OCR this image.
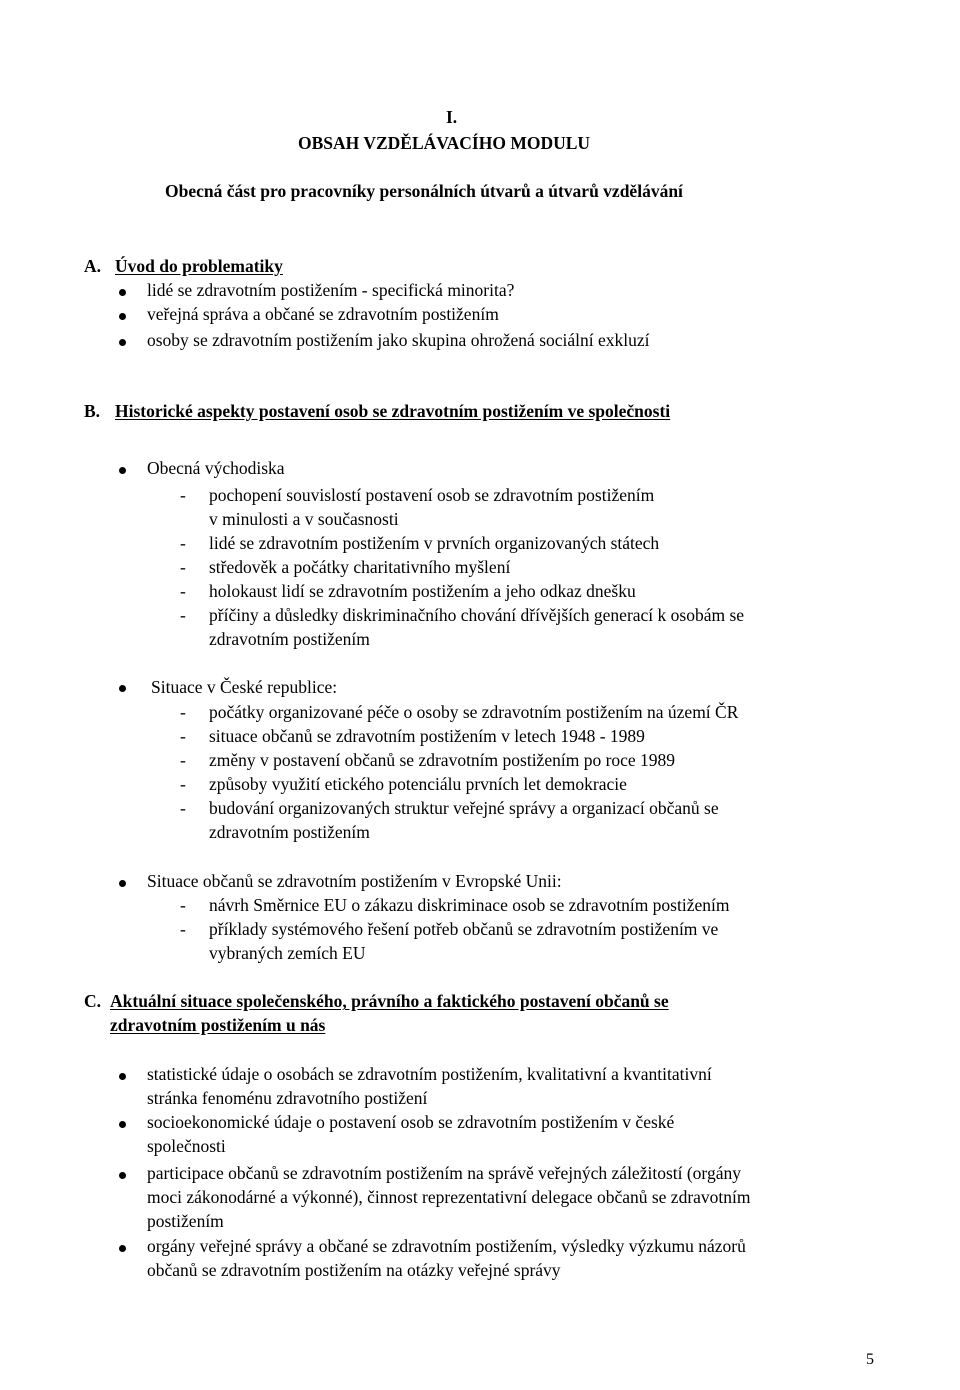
I.
OBSAH VZDĚLÁVACÍHO MODULU
Obecná část pro pracovníky personálních útvarů a útvarů vzdělávání
A. Úvod do problematiky
lidé se zdravotním postižením - specifická minorita?
veřejná správa a občané se zdravotním postižením
osoby se zdravotním postižením jako skupina ohrožená sociální exkluzí
B. Historické aspekty postavení osob se zdravotním postižením ve společnosti
Obecná východiska
- pochopení souvislostí postavení osob se zdravotním postižením
v minulosti a v současnosti
- lidé se zdravotním postižením v prvních organizovaných státech
- středověk a počátky charitativního myšlení
- holokaust lidí se zdravotním postižením a jeho odkaz dnešku
- příčiny a důsledky diskriminačního chování dřívějších generací k osobám se
zdravotním postižením
Situace v České republice:
- počátky organizované péče o osoby se zdravotním postižením na území ČR
- situace občanů se zdravotním postižením v letech 1948 - 1989
- změny v postavení občanů se zdravotním postižením po roce 1989
- způsoby využití etického potenciálu prvních let demokracie
- budování organizovaných struktur veřejné správy a organizací občanů se
zdravotním postižením
Situace občanů se zdravotním postižením v Evropské Unii:
- návrh Směrnice EU o zákazu diskriminace osob se zdravotním postižením
- příklady systémového řešení potřeb občanů se zdravotním postižením ve
vybraných zemích EU
C. Aktuální situace společenského, právního a faktického postavení občanů se
zdravotním postižením u nás
statistické údaje o osobách se zdravotním postižením, kvalitativní a kvantitativní
stránka fenoménu zdravotního postižení
socioekonomické údaje o postavení osob se zdravotním postižením v české
společnosti
participace občanů se zdravotním postižením na správě veřejných záležitostí (orgány
moci zákonodárné a výkonné), činnost reprezentativní delegace občanů se zdravotním
postižením
orgány veřejné správy a občané se zdravotním postižením, výsledky výzkumu názorů
občanů se zdravotním postižením na otázky veřejné správy
5
